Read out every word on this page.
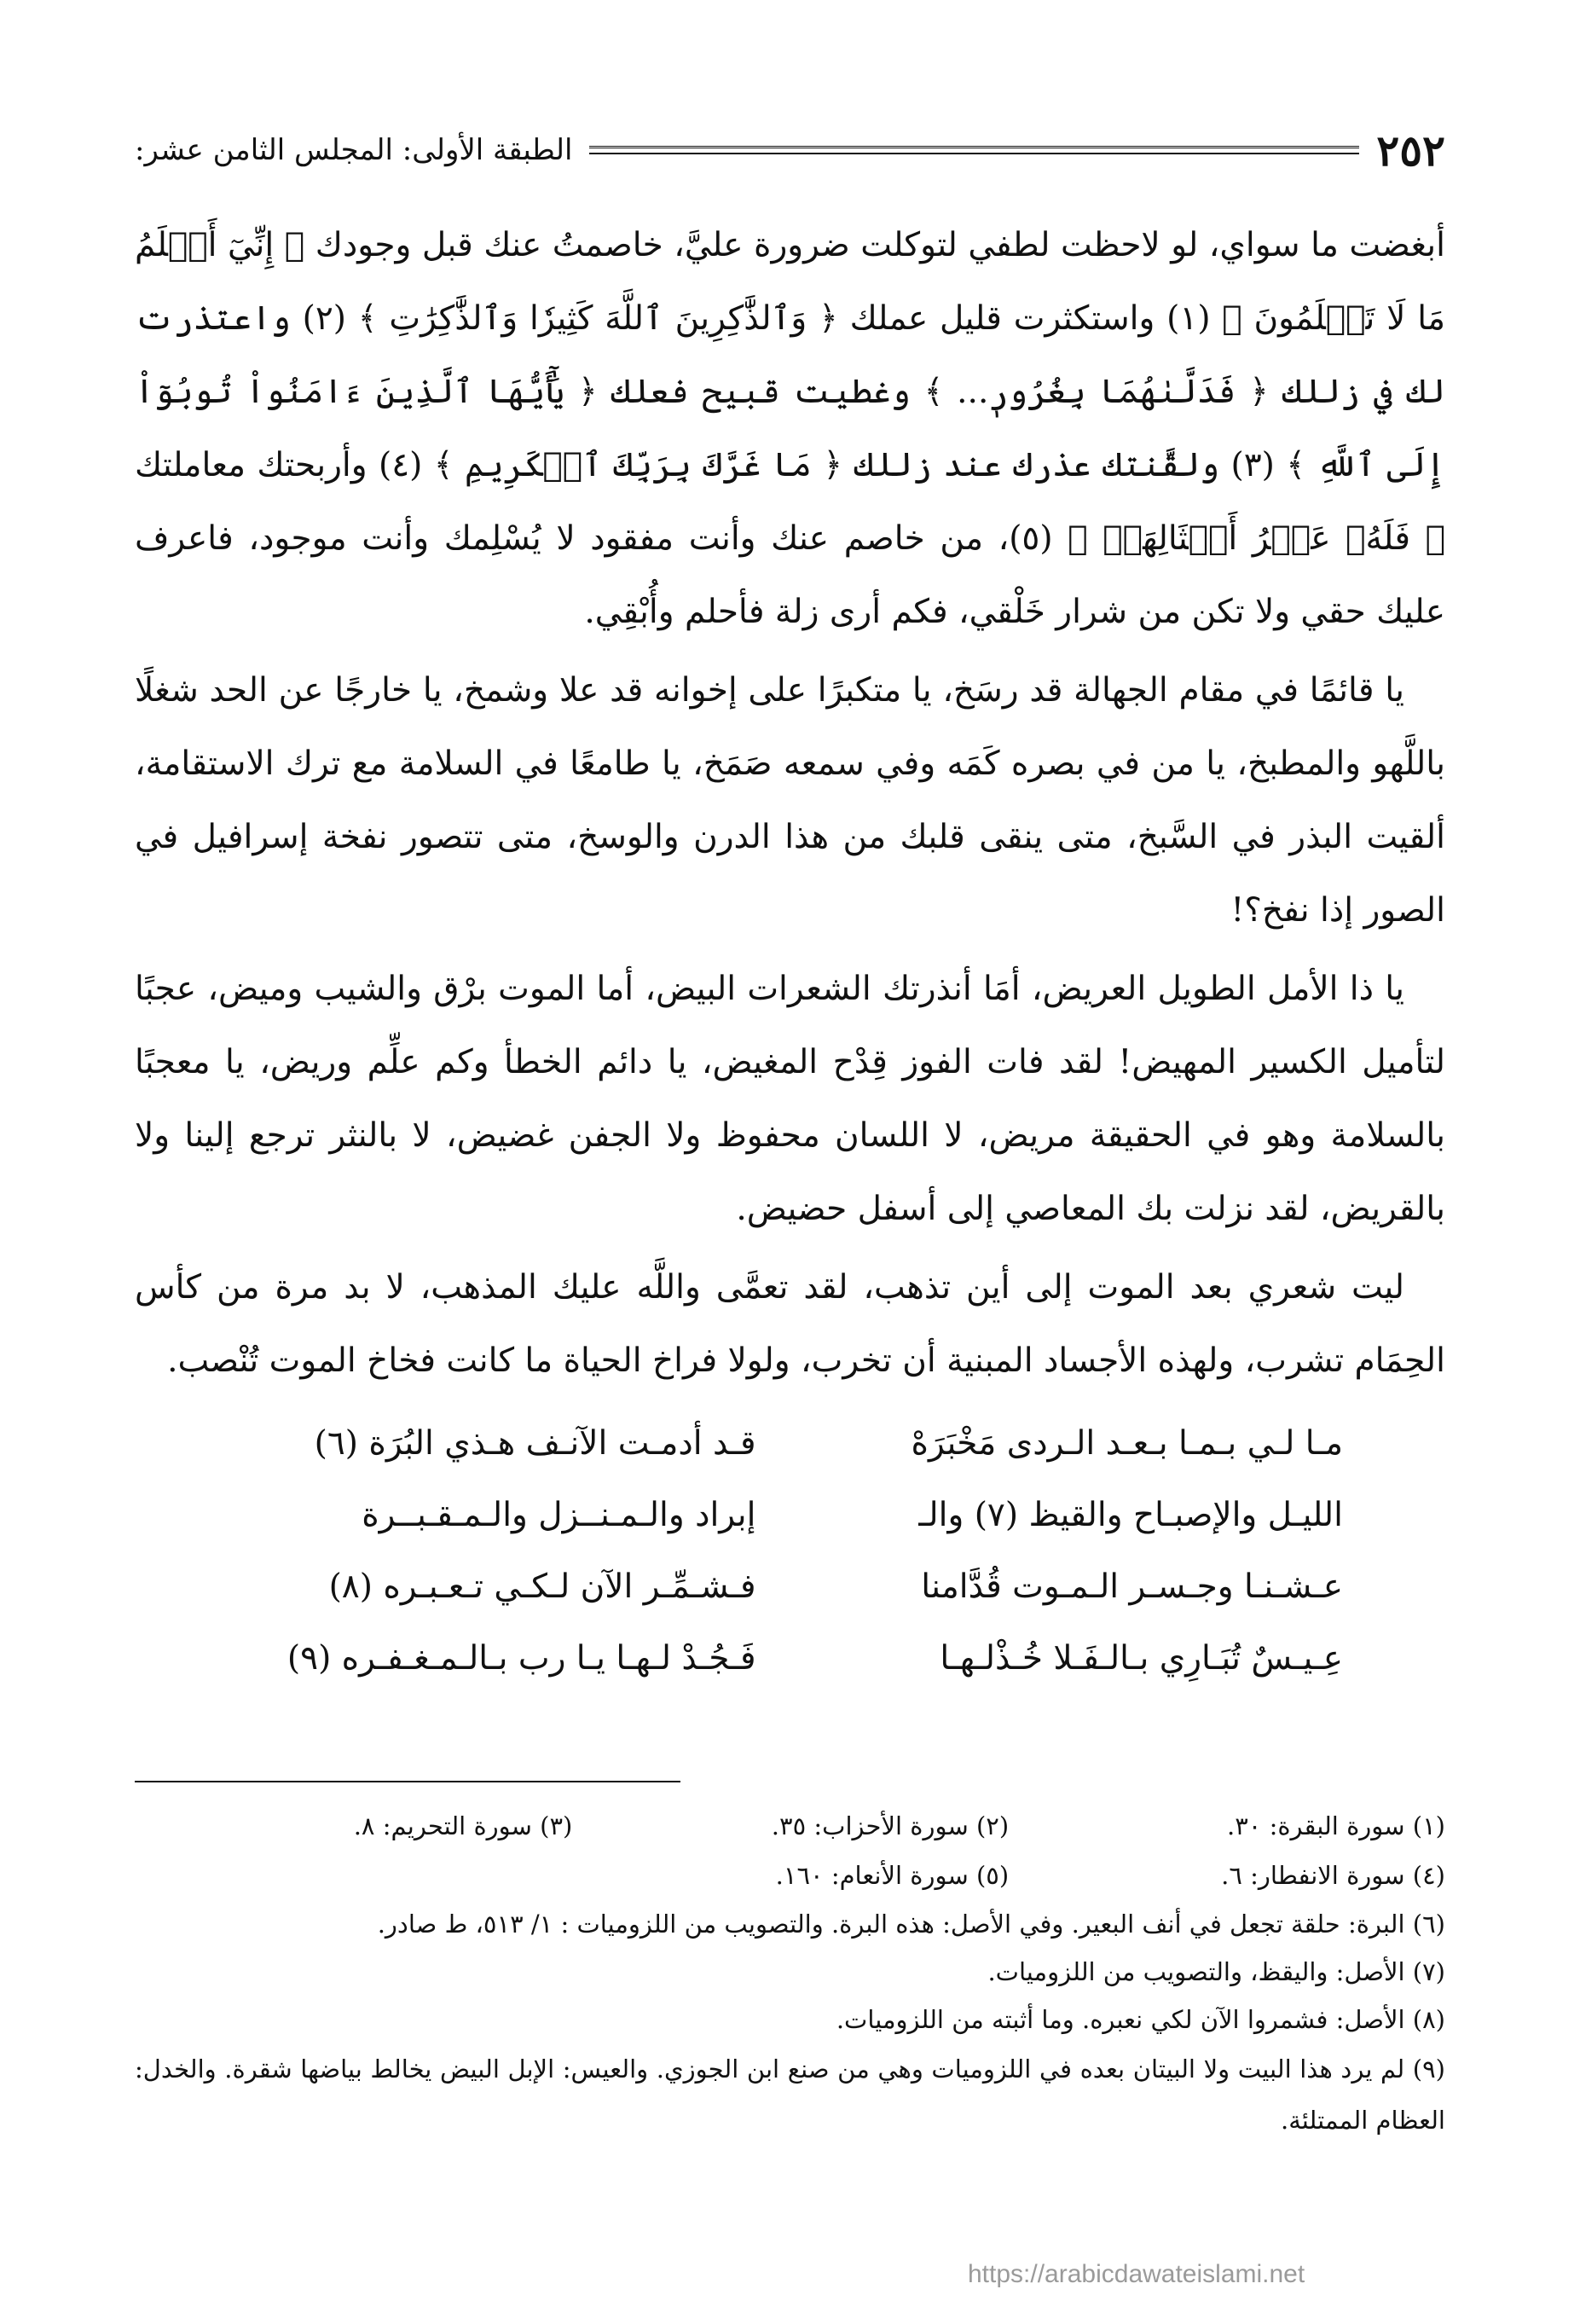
٢٥٢
الطبقة الأولى: المجلس الثامن عشر:

أبغضت ما سواي، لو لاحظت لطفي لتوكلت ضرورة عليَّ، خاصمتُ عنك قبل وجودك ﴿ إِنِّيٓ أَعۡلَمُ مَا لَا تَعۡلَمُونَ ﴾ (١) واستكثرت قليل عملك ﴿ وَٱلذَّٰكِرِينَ ٱللَّهَ كَثِيرٗا وَٱلذَّٰكِرَٰتِ ﴾ (٢) واعتذرت لك في زللك ﴿ فَدَلَّىٰهُمَا بِغُرُورٖ... ﴾ وغطيت قبيح فعلك ﴿ يَٰٓأَيُّهَا ٱلَّذِينَ ءَامَنُواْ تُوبُوٓاْ إِلَى ٱللَّهِ ﴾ (٣) ولقَّنتك عذرك عند زللك ﴿ مَا غَرَّكَ بِرَبِّكَ ٱلۡكَرِيمِ ﴾ (٤) وأربحتك معاملتك ﴿ فَلَهُۥ عَشۡرُ أَمۡثَالِهَاۖ ﴾ (٥)، من خاصم عنك وأنت مفقود لا يُسْلِمك وأنت موجود، فاعرف عليك حقي ولا تكن من شرار خَلْقي، فكم أرى زلة فأحلم وأُبْقِي.

يا قائمًا في مقام الجهالة قد رسَخ، يا متكبرًا على إخوانه قد علا وشمخ، يا خارجًا عن الحد شغلًا باللَّهو والمطبخ، يا من في بصره كَمَه وفي سمعه صَمَخ، يا طامعًا في السلامة مع ترك الاستقامة، ألقيت البذر في السَّبخ، متى ينقى قلبك من هذا الدرن والوسخ، متى تتصور نفخة إسرافيل في الصور إذا نفخ؟!

يا ذا الأمل الطويل العريض، أمَا أنذرتك الشعرات البيض، أما الموت برْق والشيب وميض، عجبًا لتأميل الكسير المهيض! لقد فات الفوز قِدْح المغيض، يا دائم الخطأ وكم علِّم وريض، يا معجبًا بالسلامة وهو في الحقيقة مريض، لا اللسان محفوظ ولا الجفن غضيض، لا بالنثر ترجع إلينا ولا بالقريض، لقد نزلت بك المعاصي إلى أسفل حضيض.

ليت شعري بعد الموت إلى أين تذهب، لقد تعمَّى واللَّه عليك المذهب، لا بد مرة من كأس الحِمَام تشرب، ولهذه الأجساد المبنية أن تخرب، ولولا فراخ الحياة ما كانت فخاخ الموت تُنْصب.

مـا لـي بـمـا بـعـد الـردى مَخْبَرَهْ
قـد أدمـت الآنـف هـذي البُرَة (٦)
الليـل والإصبـاح والقيظ (٧) والـ
إبراد والـمـنــزل والـمـقـبــرة
عـشـنـا وجـسـر الـمـوت قُدَّامنا
فـشـمِّـر الآن لـكـي تـعـبـره (٨)
عِـيـسٌ تُبَـارِي بـالـفَـلا خُـذْلـهـا
فَـجُـدْ لـهـا يـا رب بـالـمـغـفـره (٩)
(١) سورة البقرة: ٣٠.
(٢) سورة الأحزاب: ٣٥.
(٣) سورة التحريم: ٨.
(٤) سورة الانفطار: ٦.
(٥) سورة الأنعام: ١٦٠.

(٦) البرة: حلقة تجعل في أنف البعير. وفي الأصل: هذه البرة. والتصويب من اللزوميات : ١/ ٥١٣، ط صادر.

(٧) الأصل: واليقظ، والتصويب من اللزوميات.

(٨) الأصل: فشمروا الآن لكي نعبره. وما أثبته من اللزوميات.

(٩) لم يرد هذا البيت ولا البيتان بعده في اللزوميات وهي من صنع ابن الجوزي. والعيس: الإبل البيض يخالط بياضها شقرة. والخدل: العظام الممتلئة.

https://arabicdawateislami.net
